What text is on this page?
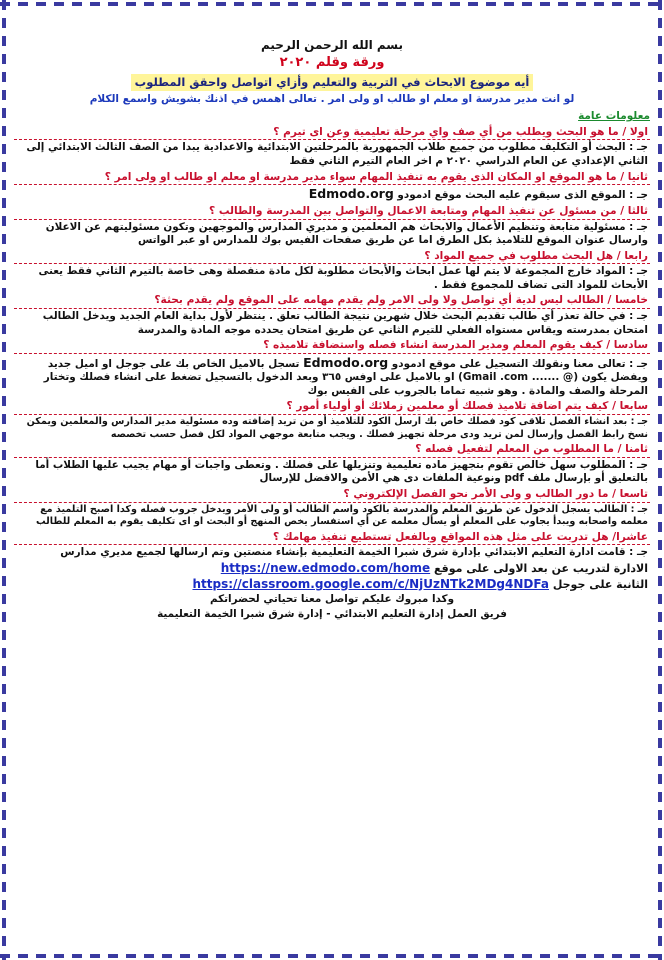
بسم الله الرحمن الرحيم
ورقة وقلم ٢٠٢٠
أيه موضوع الابحاث في التربية والتعليم وأزاي اتواصل واحقق المطلوب
لو انت مدير مدرسة او معلم او طالب او ولى امر . تعالى اهمس في اذنك بشويش واسمع الكلام
معلومات عامة
اولا / ما هو البحث ويطلب من أي صف واي مرحلة تعليمية وعن اى تيرم ؟
جـ : البحث أو التكليف مطلوب من جميع طلاب الجمهورية بالمرحلتين الابتدائية والاعدادية يبدا من الصف الثالث الابتدائي إلى الثاني الإعدادي عن العام الدراسي ٢٠٢٠ م اخر العام التيرم الثاني فقط
ثانيا / ما هو الموقع او المكان الذى يقوم به تنفيذ المهام سواء مدير مدرسة او معلم او طالب او ولى امر ؟
جـ : الموقع الذى سيقوم عليه البحث موقع ادمودو Edmodo.org
ثالثا / من مسئول عن تنفيذ المهام ومتابعة الاعمال والتواصل بين المدرسة والطالب ؟
جـ : مسئولية متابعة وتنظيم الأعمال والابحاث هم المعلمين و مديري المدارس والموجهين وتكون مسئوليتهم عن الاعلان وارسال عنوان الموقع للتلاميذ بكل الطرق اما عن طريق صفحات الفيس بوك للمدارس او عبر الواتس
رابعا / هل البحث مطلوب في جميع المواد ؟
جـ : المواد خارج المجموعة لا يتم لها عمل ابحاث والأبحاث مطلوبة لكل مادة منفصلة وهى خاصة بالتيرم الثاني فقط يعنى الأبحاث للمواد التى تضاف للمجموع فقط .
خامسا / الطالب ليس لدية أي تواصل ولا ولى الامر ولم يقدم مهامه على الموقع ولم يقدم بحثة؟
جـ : في حالة تعذر أي طالب تقديم البحث خلال شهرين نتيجة الطالب تعلق . ينتظر لأول بداية العام الجديد ويدخل الطالب امتحان بمدرسته ويقاس مستواه الفعلي للتيرم الثاني عن طريق امتحان يحدده موجه المادة والمدرسة
سادسا / كيف يقوم المعلم ومدير المدرسة انشاء فصله واستضافة تلاميذه ؟
جـ : تعالى معنا ونقولك التسجيل على موقع ادمودو Edmodo.org تسجل بالاميل الخاص بك على جوجل او اميل جديد ويفضل يكون (Gmail .com ....... @) او بالاميل على اوفس ٣٦٥ وبعد الدخول بالتسجيل تضغط على انشاء فصلك وتختار المرحلة والصف والمادة . وهو شبيه تماما بالجروب على الفيس بوك
سابعا / كيف يتم اضافة تلاميذ فصلك أو معلمين زملائك أو أولياء أمور ؟
جـ : بعد انشاء الفصل تلاقى كود فصلك خاص بك ارسل الكود للتلاميذ أو من تريد إضافته وده مسئولية مدير المدارس والمعلمين ويمكن نسخ رابط الفصل وإرسال لمن تريد ودى مرحلة تجهيز فصلك . ويجب متابعة موجهي المواد لكل فصل حسب تخصصه
ثامنا / ما المطلوب من المعلم لتفعيل فصله ؟
جـ : المطلوب سهل خالص تقوم بتجهيز ماده تعليمية وتنزيلها على فصلك . وتعطى واجبات أو مهام يجيب عليها الطلاب أما بالتعليق أو بإرسال ملف pdf ونوعية الملفات دى هي الأمن والافضل للإرسال
تاسعا / ما دور الطالب و ولى الأمر نحو الفصل الإلكتروني ؟
جـ : الطالب يسجل الدخول عن طريق المعلم والمدرسة بالكود واسم الطالب أو ولى الأمر ويدخل جروب فصله وكدا اصبح التلميذ مع معلمه واصحابه ويبدأ يجاوب على المعلم أو يسأل معلمه عن أي استفسار يخص المنهج أو البحث او اى تكليف يقوم به المعلم للطالب
عاشرا/ هل تدربت على مثل هذه المواقع وبالفعل تستطيع تنفيذ مهامك ؟
جـ : قامت ادارة التعليم الابتدائي بإدارة شرق شبرا الخيمة التعليمية بإنشاء منصتين وتم ارسالها لجميع مديري مدارس
الادارة لتدريب عن بعد الاولى على موقع https://new.edmodo.com/home
الثانية على جوجل https://classroom.google.com/c/NjUzNTk2MDg4NDFa
وكدا مبروك عليكم تواصل معنا تحياتي لحضراتكم
فريق العمل إدارة التعليم الابتدائي - إدارة شرق شبرا الخيمة التعليمية
